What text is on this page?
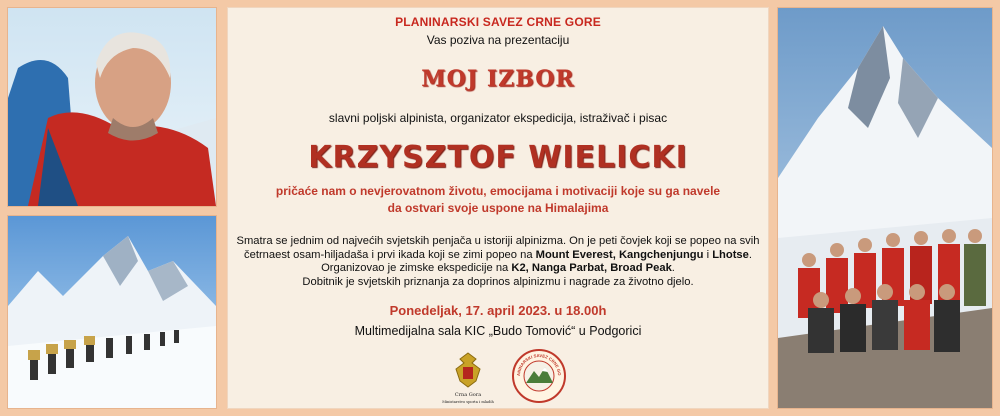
PLANINARSKI SAVEZ CRNE GORE
Vas poziva na prezentaciju
MOJ IZBOR
slavni poljski alpinista, organizator ekspedicija, istraživač i pisac
KRZYSZTOF WIELICKI
pričaće nam o nevjerovatnom životu, emocijama i motivaciji koje su ga navele
da ostvari svoje uspone na Himalajima
Smatra se jednim od najvećih svjetskih penjača u istoriji alpinizma. On je peti čovjek koji se popeo na svih
četrnaest osam-hiljadaša i prvi ikada koji se zimi popeo na Mount Everest, Kangchenjungu i Lhotse.
Organizovao je zimske ekspedicije na K2, Nanga Parbat, Broad Peak.
Dobitnik je svjetskih priznanja za doprinos alpinizmu i nagrade za životno djelo.
Ponedeljak, 17. april 2023. u 18.00h
Multimedijalna sala KIC „Budo Tomović“ u Podgorici
Crna Gora
Ministarstvo sporta i mladih
ANINARSKI SAVEZ CRNE GO
